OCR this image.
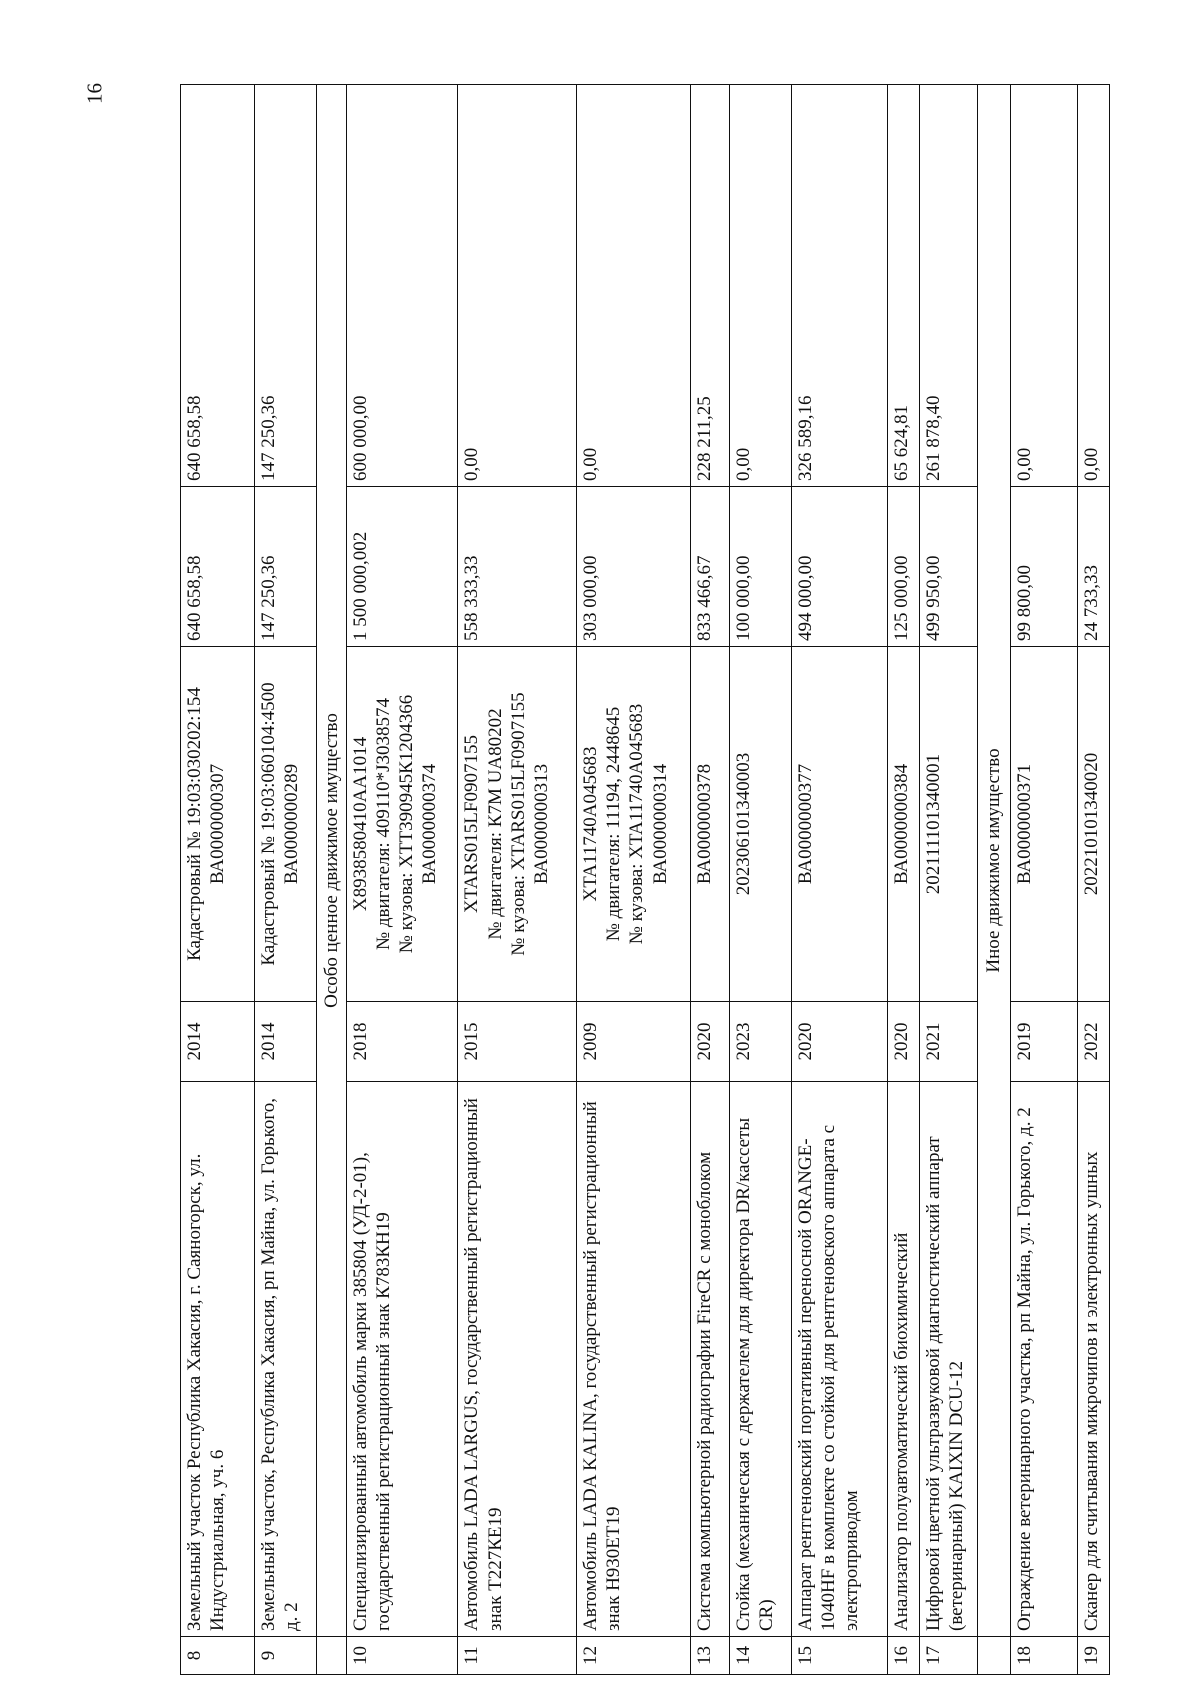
16
8	Земельный участок Республика Хакасия, г. Саяногорск, ул. Индустриальная, уч. 6	2014	Кадастровый № 19:03:030202:154 ВА0000000307	640 658,58	640 658,58
9	Земельный участок, Республика Хакасия, рп Майна, ул. Горького, д. 2	2014	Кадастровый № 19:03:060104:4500 ВА0000000289	147 250,36	147 250,36
	Особо ценное движимое имущество				
10	Специализированный автомобиль марки 385804 (УД-2-01), государственный регистрационный знак К783КН19	2018	Х8938580410АА1014 № двигателя: 409110*J3038574 № кузова: ХТТ390945К1204366 ВА0000000374	1 500 000,002	600 000,00
11	Автомобиль LADA LARGUS, государственный регистрационный знак Т227КЕ19	2015	XTARS015LF0907155 № двигателя: К7М UA80202 № кузова: XTARS015LF0907155 ВА0000000313	558 333,33	0,00
12	Автомобиль LADA KALINA, государственный регистрационный знак Н930ЕТ19	2009	XTA11740A045683 № двигателя: 11194, 2448645 № кузова: XTA11740A045683 ВА0000000314	303 000,00	0,00
13	Система компьютерной радиографии FireCR с моноблоком	2020	ВА0000000378	833 466,67	228 211,25
14	Стойка (механическая с держателем для директора DR/кассеты CR)	2023	202306101340003	100 000,00	0,00
15	Аппарат рентгеновский портативный переносной ORANGE-1040HF в комплекте со стойкой для рентгеновского аппарата с электроприводом	2020	ВА0000000377	494 000,00	326 589,16
16	Анализатор полуавтоматический биохимический	2020	ВА0000000384	125 000,00	65 624,81
17	Цифровой цветной ультразвуковой диагностический аппарат (ветеринарный) KAIXIN DCU-12	2021	202111101340001	499 950,00	261 878,40
	Иное движимое имущество				
18	Ограждение ветеринарного участка, рп Майна, ул. Горького, д. 2	2019	ВА0000000371	99 800,00	0,00
19	Сканер для считывания микрочипов и электронных ушных	2022	202210101340020	24 733,33	0,00
